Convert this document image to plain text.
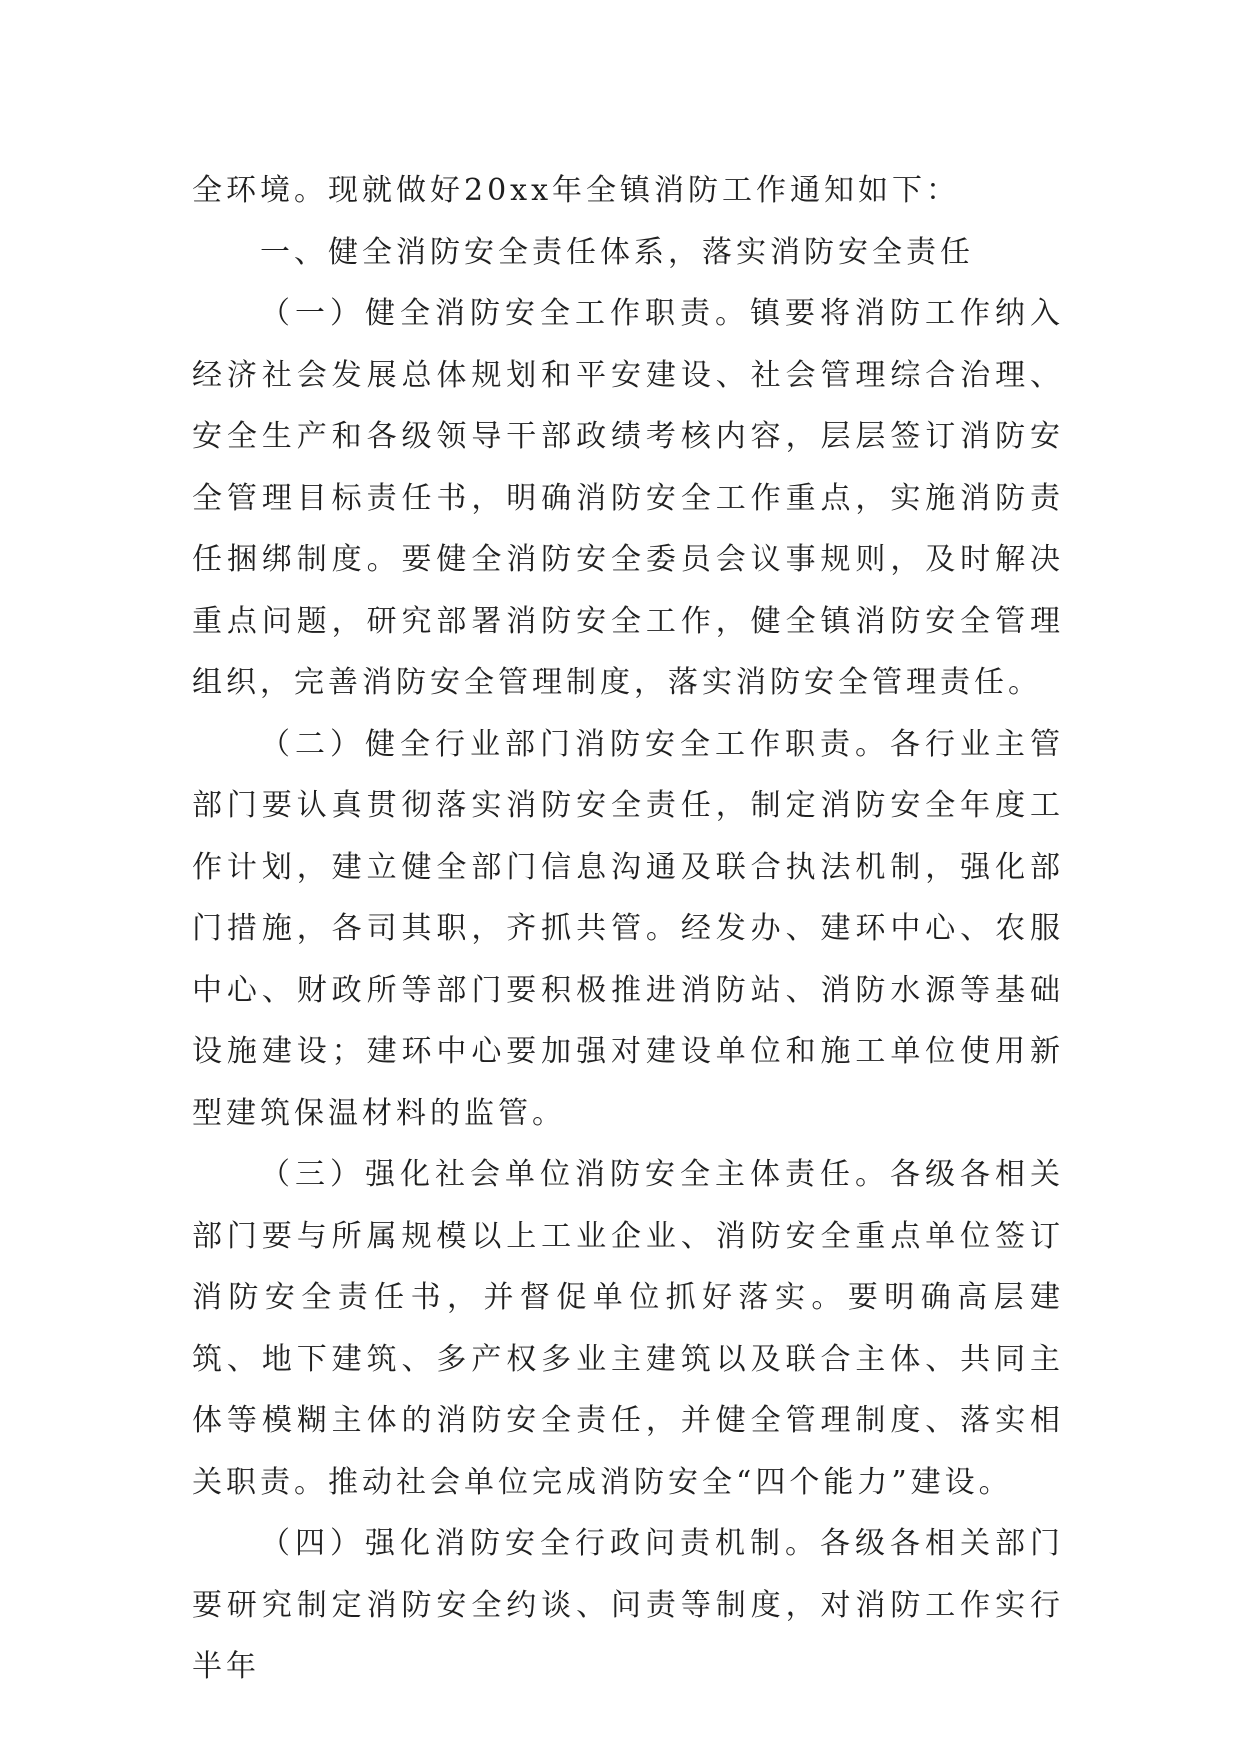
全环境。现就做好20xx年全镇消防工作通知如下：

一、健全消防安全责任体系，落实消防安全责任

（一）健全消防安全工作职责。镇要将消防工作纳入经济社会发展总体规划和平安建设、社会管理综合治理、安全生产和各级领导干部政绩考核内容，层层签订消防安全管理目标责任书，明确消防安全工作重点，实施消防责任捆绑制度。要健全消防安全委员会议事规则，及时解决重点问题，研究部署消防安全工作，健全镇消防安全管理组织，完善消防安全管理制度，落实消防安全管理责任。

（二）健全行业部门消防安全工作职责。各行业主管部门要认真贯彻落实消防安全责任，制定消防安全年度工作计划，建立健全部门信息沟通及联合执法机制，强化部门措施，各司其职，齐抓共管。经发办、建环中心、农服中心、财政所等部门要积极推进消防站、消防水源等基础设施建设；建环中心要加强对建设单位和施工单位使用新型建筑保温材料的监管。

（三）强化社会单位消防安全主体责任。各级各相关部门要与所属规模以上工业企业、消防安全重点单位签订消防安全责任书，并督促单位抓好落实。要明确高层建筑、地下建筑、多产权多业主建筑以及联合主体、共同主体等模糊主体的消防安全责任，并健全管理制度、落实相关职责。推动社会单位完成消防安全“四个能力”建设。

（四）强化消防安全行政问责机制。各级各相关部门要研究制定消防安全约谈、问责等制度，对消防工作实行半年
